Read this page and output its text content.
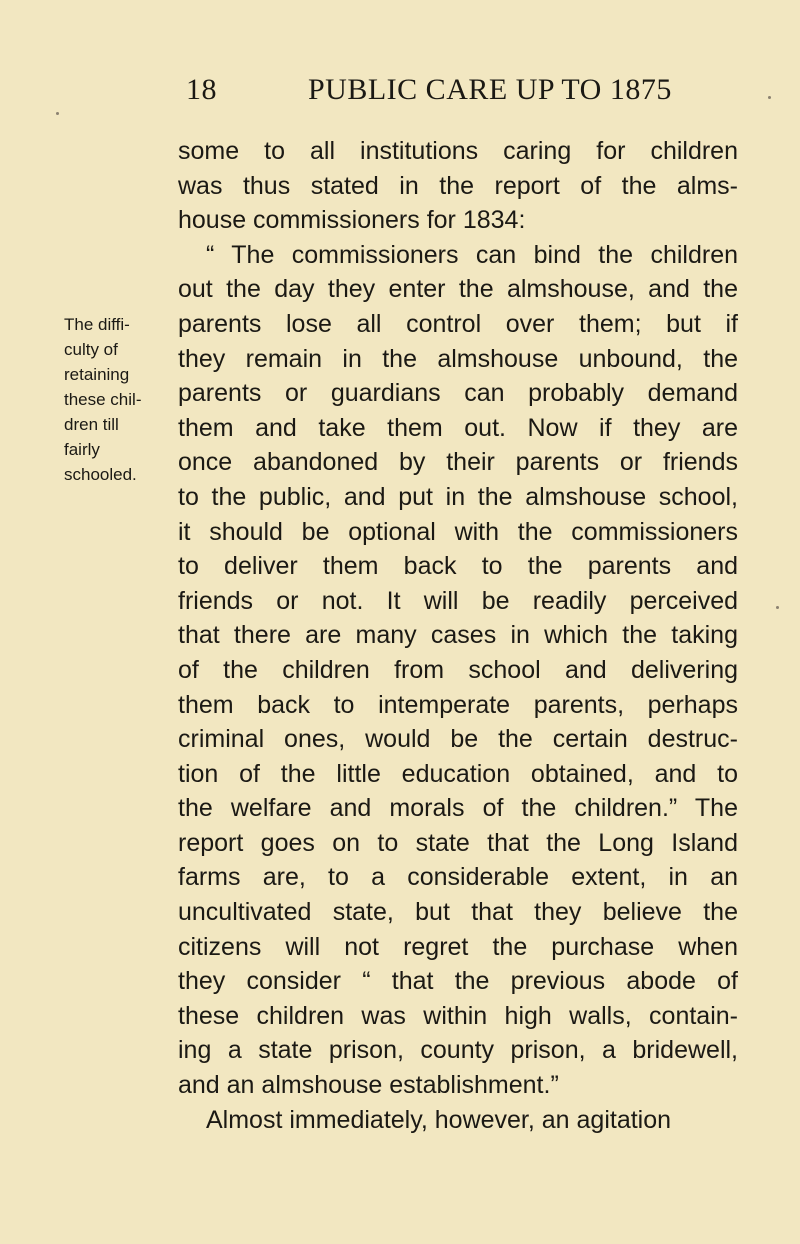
18	PUBLIC CARE UP TO 1875
The diffi-
culty of
retaining
these chil-
dren till
fairly
schooled.
some to all institutions caring for children
was thus stated in the report of the alms-
house commissioners for 1834:
“ The commissioners can bind the children
out the day they enter the almshouse, and the
parents lose all control over them; but if
they remain in the almshouse unbound, the
parents or guardians can probably demand
them and take them out. Now if they are
once abandoned by their parents or friends
to the public, and put in the almshouse school,
it should be optional with the commissioners
to deliver them back to the parents and
friends or not. It will be readily perceived
that there are many cases in which the taking
of the children from school and delivering
them back to intemperate parents, perhaps
criminal ones, would be the certain destruc-
tion of the little education obtained, and to
the welfare and morals of the children.” The
report goes on to state that the Long Island
farms are, to a considerable extent, in an
uncultivated state, but that they believe the
citizens will not regret the purchase when
they consider “ that the previous abode of
these children was within high walls, contain-
ing a state prison, county prison, a bridewell,
and an almshouse establishment.”
Almost immediately, however, an agitation
